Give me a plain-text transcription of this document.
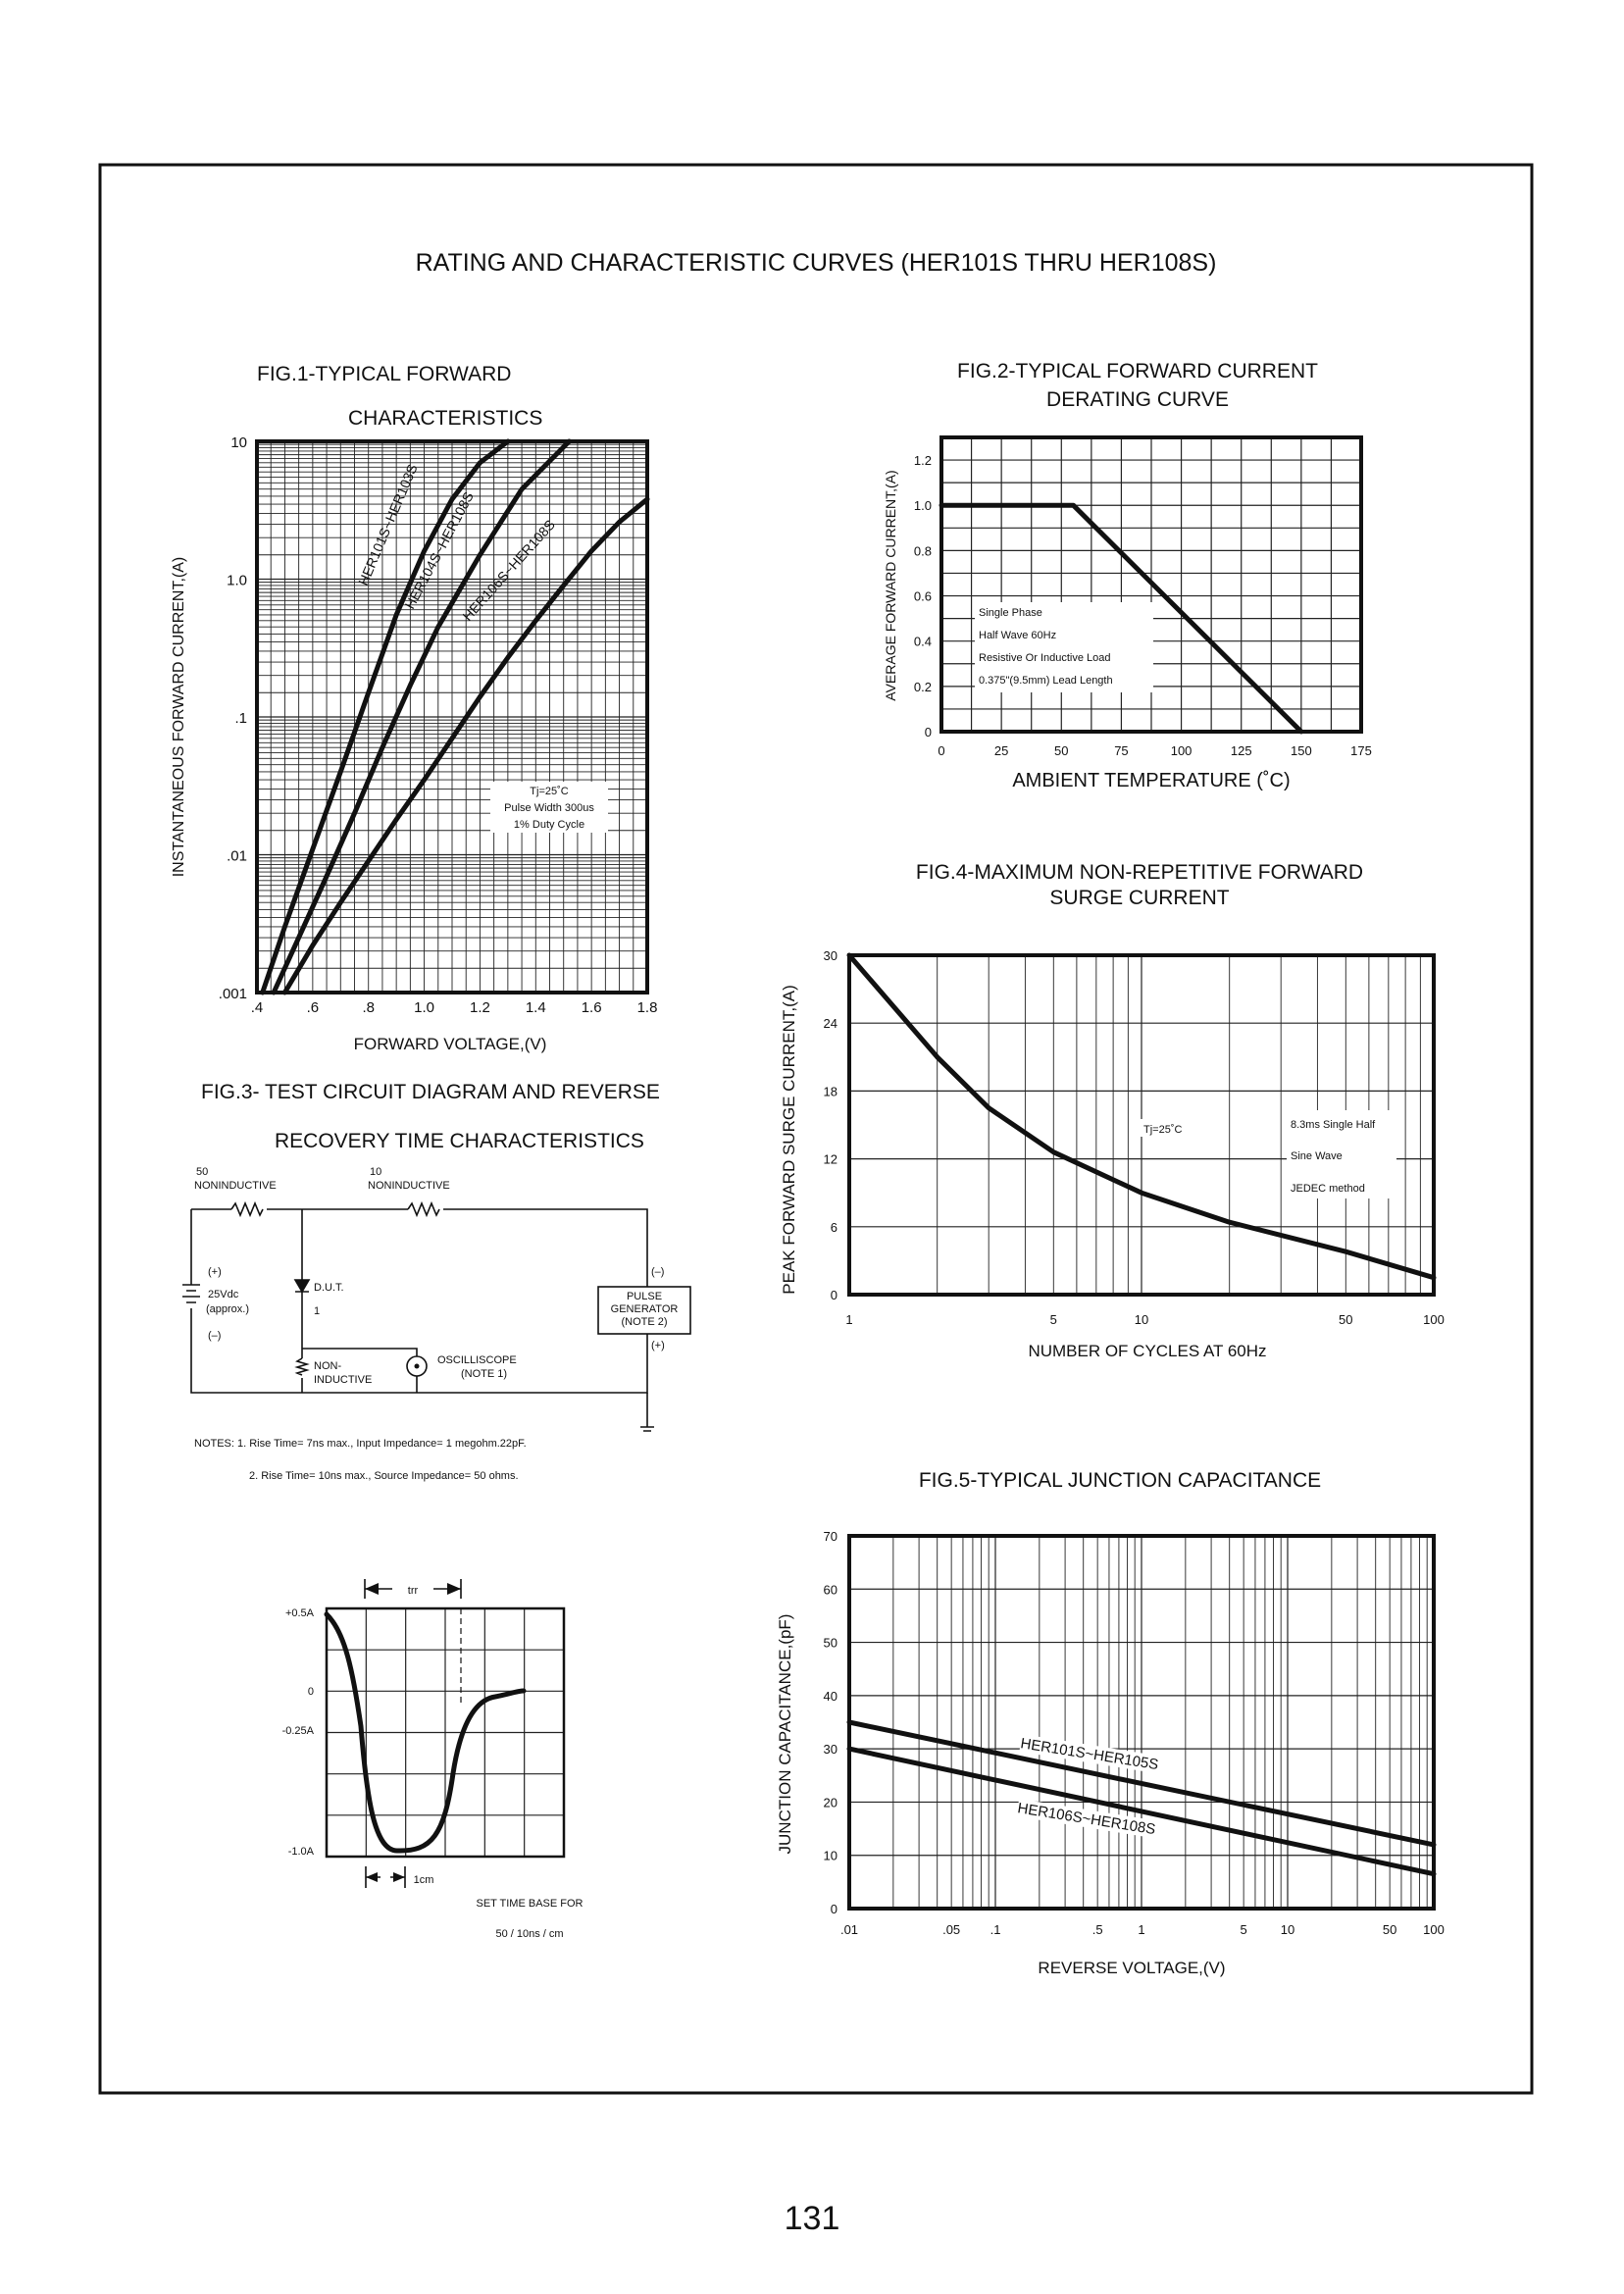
RATING AND CHARACTERISTIC CURVES (HER101S THRU HER108S)
FIG.1-TYPICAL FORWARD
CHARACTERISTICS
.4	.6	.8	1.0 1.2 1.4 1.6 1.8
.001
.01
.1
1.0
10
HER101S~HER103S
HER104S~HER108S
HER106S~HER108S
Tj=25˚C
Pulse Width 300us
1% Duty Cycle
FORWARD VOLTAGE,(V)
INSTANTANEOUS FORWARD CURRENT,(A)
FIG.2-TYPICAL FORWARD CURRENT
DERATING CURVE
0	25	50	75	100	125	150	175
0
0.2
0.4
0.6
0.8
1.0
1.2
Single Phase
Half Wave 60Hz
Resistive Or Inductive Load
0.375"(9.5mm) Lead Length
AMBIENT TEMPERATURE (˚C)
AVERAGE FORWARD CURRENT,(A)
FIG.3- TEST CIRCUIT DIAGRAM AND REVERSE
RECOVERY TIME CHARACTERISTICS
50
NONINDUCTIVE
10
NONINDUCTIVE
(+)
25Vdc
(approx.)
(–)
D.U.T.
1
NON-
INDUCTIVE
OSCILLISCOPE
(NOTE 1)
(–)
PULSE
GENERATOR
(NOTE 2)
(+)
NOTES: 1. Rise Time= 7ns max., Input Impedance= 1 megohm.22pF.
2. Rise Time= 10ns max., Source Impedance= 50 ohms.
trr
+0.5A
0
-0.25A
-1.0A
1cm
SET TIME BASE FOR
50 / 10ns / cm
FIG.4-MAXIMUM NON-REPETITIVE FORWARD
SURGE CURRENT
1	5	10	50	100
0
6
12
18
24
30
Tj=25˚C	8.3ms Single Half
Sine Wave
JEDEC method
NUMBER OF CYCLES AT 60Hz
PEAK FORWARD SURGE CURRENT,(A)
FIG.5-TYPICAL JUNCTION CAPACITANCE
.01	.05 .1	.5	1	5	10	50 100
0
10
20
30
40
50
60
70
HER101S~HER105S
HER106S~HER108S
REVERSE VOLTAGE,(V)
JUNCTION CAPACITANCE,(pF)
131
